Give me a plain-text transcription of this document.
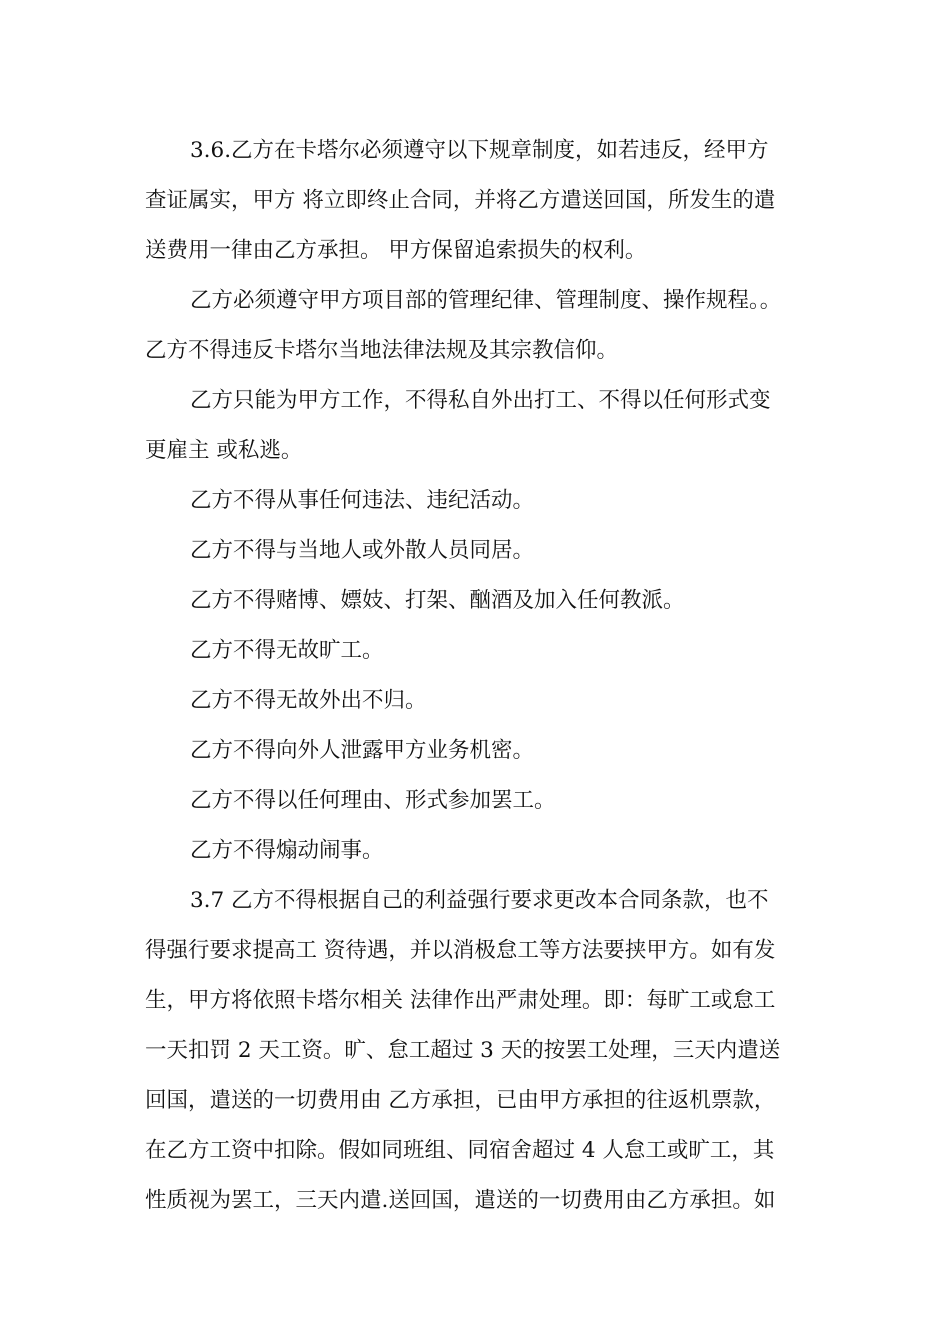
3.6.乙方在卡塔尔必须遵守以下规章制度，如若违反，经甲方
查证属实，甲方 将立即终止合同，并将乙方遣送回国，所发生的遣
送费用一律由乙方承担。 甲方保留追索损失的权利。
乙方必须遵守甲方项目部的管理纪律、管理制度、操作规程。。
乙方不得违反卡塔尔当地法律法规及其宗教信仰。
乙方只能为甲方工作，不得私自外出打工、不得以任何形式变
更雇主 或私逃。
乙方不得从事任何违法、违纪活动。
乙方不得与当地人或外散人员同居。
乙方不得赌博、嫖妓、打架、酗酒及加入任何教派。
乙方不得无故旷工。
乙方不得无故外出不归。
乙方不得向外人泄露甲方业务机密。
乙方不得以任何理由、形式参加罢工。
乙方不得煽动闹事。
3.7 乙方不得根据自己的利益强行要求更改本合同条款，也不
得强行要求提高工 资待遇，并以消极怠工等方法要挟甲方。如有发
生，甲方将依照卡塔尔相关 法律作出严肃处理。即：每旷工或怠工
一天扣罚 2 天工资。旷、怠工超过 3 天的按罢工处理，三天内遣送
回国，遣送的一切费用由 乙方承担，已由甲方承担的往返机票款，
在乙方工资中扣除。假如同班组、同宿舍超过 4 人怠工或旷工，其
性质视为罢工，三天内遣.送回国，遣送的一切费用由乙方承担。如
